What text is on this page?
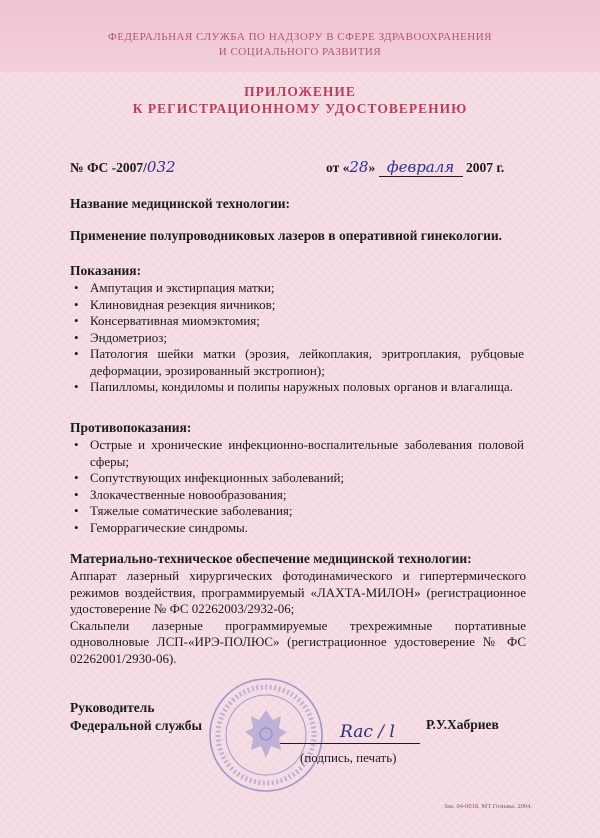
ФЕДЕРАЛЬНАЯ СЛУЖБА ПО НАДЗОРУ В СФЕРЕ ЗДРАВООХРАНЕНИЯ
И СОЦИАЛЬНОГО РАЗВИТИЯ
ПРИЛОЖЕНИЕ
К РЕГИСТРАЦИОННОМУ УДОСТОВЕРЕНИЮ
№ ФС -2007/032	от «28» февраля 2007 г.
Название медицинской технологии:
Применение полупроводниковых лазеров в оперативной гинекологии.
Показания:
• Ампутация и экстирпация матки;
• Клиновидная резекция яичников;
• Консервативная миомэктомия;
• Эндометриоз;
• Патология шейки матки (эрозия, лейкоплакия, эритроплакия, рубцовые деформации, эрозированный экстропион);
• Папилломы, кондиломы и полипы наружных половых органов и влагалища.
Противопоказания:
• Острые и хронические инфекционно-воспалительные заболевания половой сферы;
• Сопутствующих инфекционных заболеваний;
• Злокачественные новообразования;
• Тяжелые соматические заболевания;
• Геморрагические синдромы.
Материально-техническое обеспечение медицинской технологии:
Аппарат лазерный хирургических фотодинамического и гипертермического режимов воздействия, программируемый «ЛАХТА-МИЛОН» (регистрационное удостоверение № ФС 02262003/2932-06;
Скальпели лазерные программируемые трехрежимные портативные одноволновые ЛСП-«ИРЭ-ПОЛЮС» (регистрационное удостоверение № ФС 02262001/2930-06).
Руководитель
Федеральной службы	Р.У.Хабриев
Rac / l
(подпись, печать)
Зак. 04-0018. МТ Гознака. 2004.
